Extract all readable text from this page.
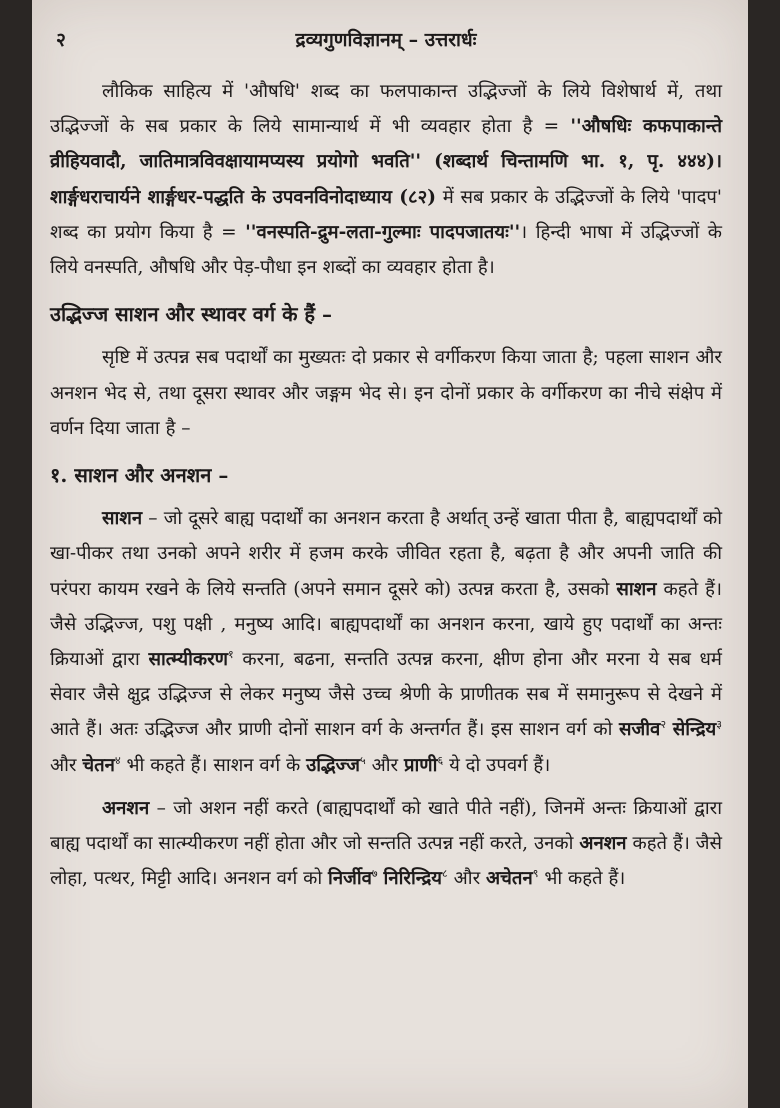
२	द्रव्यगुणविज्ञानम् – उत्तरार्धः

लौकिक साहित्य में 'औषधि' शब्द का फलपाकान्त उद्भिज्जों के लिये विशेषार्थ में, तथा उद्भिज्जों के सब प्रकार के लिये सामान्यार्थ में भी व्यवहार होता है = ''औषधिः कफपाकान्ते व्रीहियवादौ, जातिमात्रविवक्षायामप्यस्य प्रयोगो भवति'' (शब्दार्थ चिन्तामणि भा. १, पृ. ४४४)। शार्ङ्गधराचार्यने शार्ङ्गधर-पद्धति के उपवनविनोदाध्याय (८२) में सब प्रकार के उद्भिज्जों के लिये 'पादप' शब्द का प्रयोग किया है = ''वनस्पति-द्रुम-लता-गुल्माः पादपजातयः''। हिन्दी भाषा में उद्भिज्जों के लिये वनस्पति, औषधि और पेड़-पौधा इन शब्दों का व्यवहार होता है।

उद्भिज्ज साशन और स्थावर वर्ग के हैं –

सृष्टि में उत्पन्न सब पदार्थों का मुख्यतः दो प्रकार से वर्गीकरण किया जाता है; पहला साशन और अनशन भेद से, तथा दूसरा स्थावर और जङ्गम भेद से। इन दोनों प्रकार के वर्गीकरण का नीचे संक्षेप में वर्णन दिया जाता है –

१. साशन और अनशन –

साशन – जो दूसरे बाह्य पदार्थों का अनशन करता है अर्थात् उन्हें खाता पीता है, बाह्यपदार्थों को खा-पीकर तथा उनको अपने शरीर में हजम करके जीवित रहता है, बढ़ता है और अपनी जाति की परंपरा कायम रखने के लिये सन्तति (अपने समान दूसरे को) उत्पन्न करता है, उसको साशन कहते हैं। जैसे उद्भिज्ज, पशु पक्षी , मनुष्य आदि। बाह्यपदार्थों का अनशन करना, खाये हुए पदार्थों का अन्तः क्रियाओं द्वारा सात्म्यीकरण$^१$ करना, बढना, सन्तति उत्पन्न करना, क्षीण होना और मरना ये सब धर्म सेवार जैसे क्षुद्र उद्भिज्ज से लेकर मनुष्य जैसे उच्च श्रेणी के प्राणीतक सब में समानुरूप से देखने में आते हैं। अतः उद्भिज्ज और प्राणी दोनों साशन वर्ग के अन्तर्गत हैं। इस साशन वर्ग को सजीव$^२$ सेन्द्रिय$^३$ और चेतन$^४$ भी कहते हैं। साशन वर्ग के उद्भिज्ज$^५$ और प्राणी$^६$ ये दो उपवर्ग हैं।

अनशन – जो अशन नहीं करते (बाह्यपदार्थों को खाते पीते नहीं), जिनमें अन्तः क्रियाओं द्वारा बाह्य पदार्थों का सात्म्यीकरण नहीं होता और जो सन्तति उत्पन्न नहीं करते, उनको अनशन कहते हैं। जैसे लोहा, पत्थर, मिट्टी आदि। अनशन वर्ग को निर्जीव$^७$ निरिन्द्रिय$^८$ और अचेतन$^९$ भी कहते हैं।
